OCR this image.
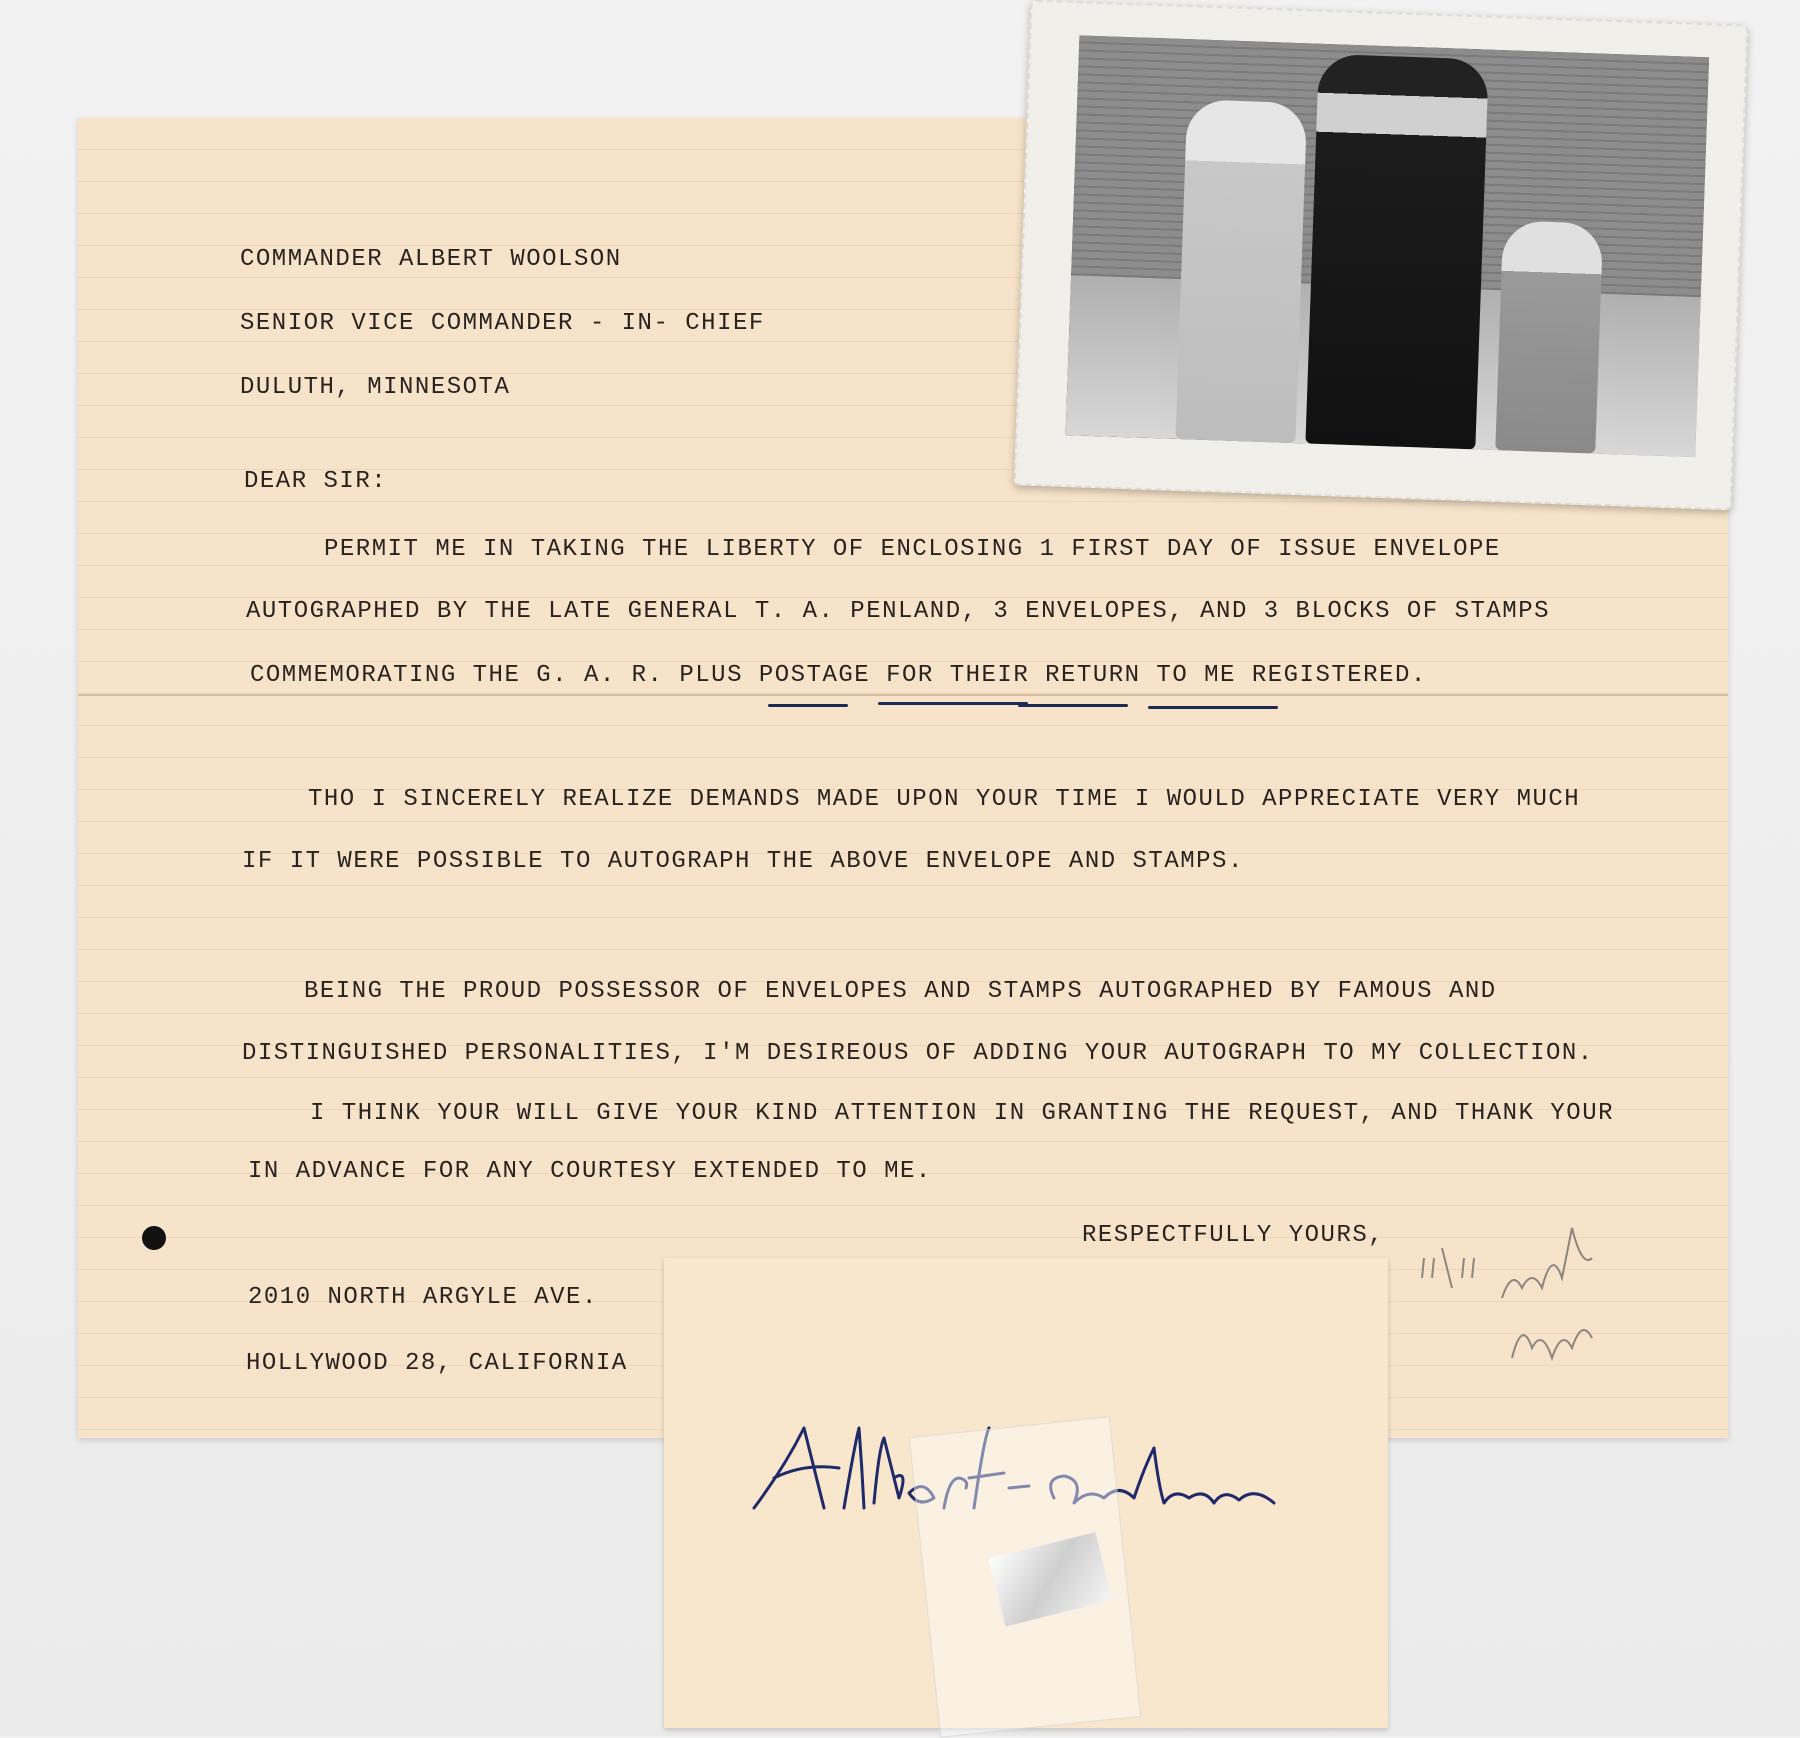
COMMANDER ALBERT WOOLSON
SENIOR VICE COMMANDER - IN- CHIEF
DULUTH, MINNESOTA
DEAR SIR:
PERMIT ME IN TAKING THE LIBERTY OF ENCLOSING 1 FIRST DAY OF ISSUE ENVELOPE
AUTOGRAPHED BY THE LATE GENERAL T. A. PENLAND, 3 ENVELOPES, AND 3 BLOCKS OF STAMPS
COMMEMORATING THE G. A. R. PLUS POSTAGE FOR THEIR RETURN TO ME REGISTERED.
THO I SINCERELY REALIZE DEMANDS MADE UPON YOUR TIME I WOULD APPRECIATE VERY MUCH
IF IT WERE POSSIBLE TO AUTOGRAPH THE ABOVE ENVELOPE AND STAMPS.
BEING THE PROUD POSSESSOR OF ENVELOPES AND STAMPS AUTOGRAPHED BY FAMOUS AND
DISTINGUISHED PERSONALITIES, I'M DESIREOUS OF ADDING YOUR AUTOGRAPH TO MY COLLECTION.
I THINK YOUR WILL GIVE YOUR KIND ATTENTION IN GRANTING THE REQUEST, AND THANK YOUR
IN ADVANCE FOR ANY COURTESY EXTENDED TO ME.
RESPECTFULLY YOURS,
2010 NORTH ARGYLE AVE.
HOLLYWOOD 28, CALIFORNIA
